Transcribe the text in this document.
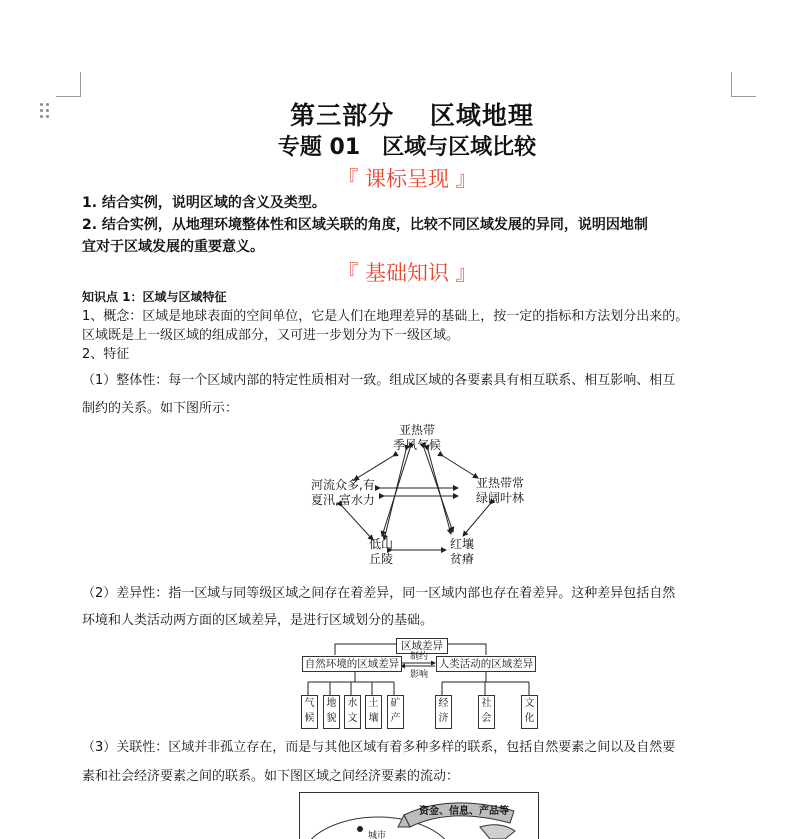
第三部分　 区域地理
专题 01　区域与区域比较
『 课标呈现 』
1. 结合实例，说明区域的含义及类型。
2. 结合实例，从地理环境整体性和区域关联的角度，比较不同区域发展的异同，说明因地制
宜对于区域发展的重要意义。
『 基础知识 』
知识点 1：区域与区域特征
1、概念：区域是地球表面的空间单位，它是人们在地理差异的基础上，按一定的指标和方法划分出来的。
区域既是上一级区域的组成部分，又可进一步划分为下一级区域。
2、特征
（1）整体性：每一个区域内部的特定性质相对一致。组成区域的各要素具有相互联系、相互影响、相互
制约的关系。如下图所示：
亚热带
季风气候
河流众多,有
夏汛,富水力
亚热带常
绿阔叶林
低山
丘陵
红壤
贫瘠
（2）差异性：指一区域与同等级区域之间存在着差异，同一区域内部也存在着差异。这种差异包括自然
环境和人类活动两方面的区域差异，是进行区域划分的基础。
区域差异
自然环境的区域差异	人类活动的区域差异
制约
影响
气候
地貌
水文
土壤
矿产
经济
社会
文化
（3）关联性：区域并非孤立存在，而是与其他区域有着多种多样的联系，包括自然要素之间以及自然要
素和社会经济要素之间的联系。如下图区域之间经济要素的流动：
资金、信息、产品等
城市
